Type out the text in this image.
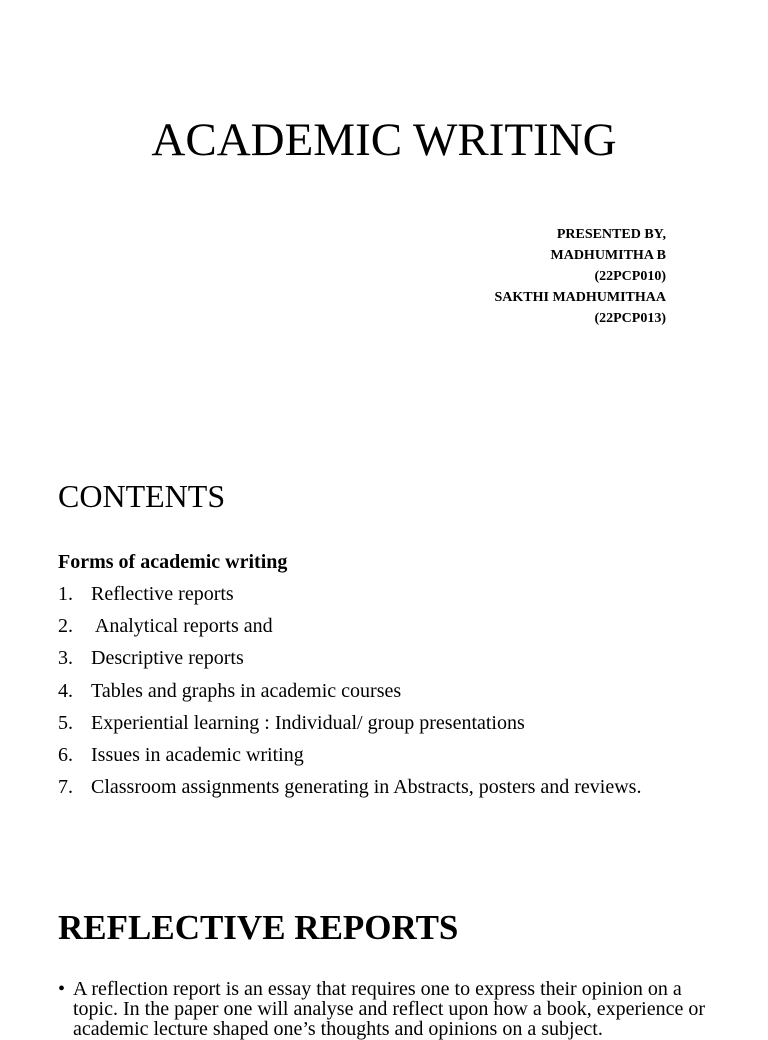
ACADEMIC WRITING
PRESENTED BY,
MADHUMITHA B
(22PCP010)
SAKTHI MADHUMITHAA
(22PCP013)
CONTENTS
Forms of academic writing
1. Reflective reports
2. Analytical reports and
3. Descriptive reports
4. Tables and graphs in academic courses
5. Experiential learning : Individual/ group presentations
6. Issues in academic writing
7. Classroom assignments generating in Abstracts, posters and reviews.
REFLECTIVE REPORTS
• A reflection report is an essay that requires one to express their opinion on a topic. In the paper one will analyse and reflect upon how a book, experience or academic lecture shaped one’s thoughts and opinions on a subject.
